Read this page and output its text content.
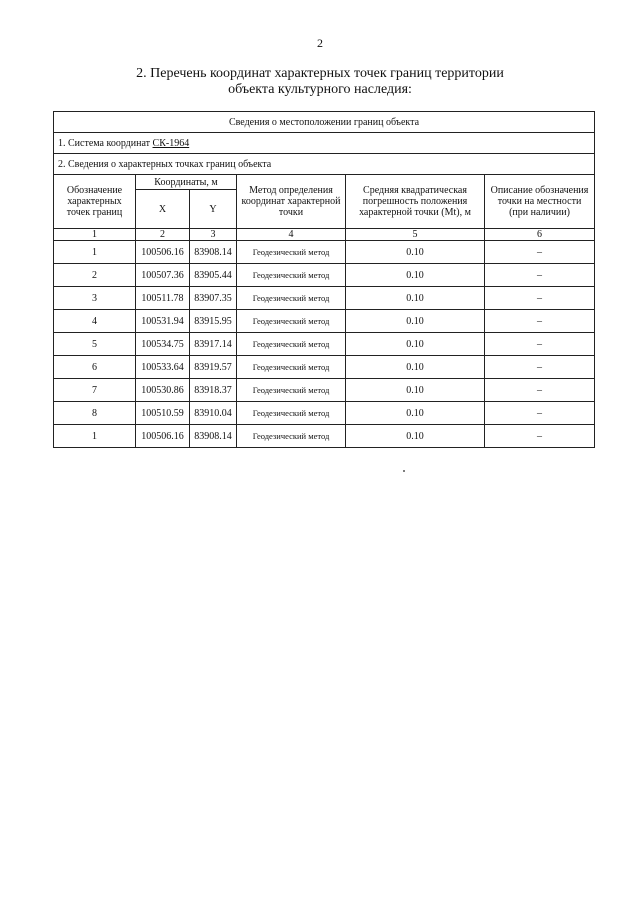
2
2. Перечень координат характерных точек границ территории
объекта культурного наследия:
Сведения о местоположении границ объекта					
1. Система координат СК-1964					
2. Сведения о характерных точках границ объекта					
Обозначение характерных точек границ	Координаты, м		Метод определения координат характерной точки	Средняя квадратическая погрешность положения характерной точки (Mt), м	Описание обозначения точки на местности (при наличии)
	X	Y			
1	2	3	4	5	6
1	100506.16	83908.14	Геодезический метод	0.10	–
2	100507.36	83905.44	Геодезический метод	0.10	–
3	100511.78	83907.35	Геодезический метод	0.10	–
4	100531.94	83915.95	Геодезический метод	0.10	–
5	100534.75	83917.14	Геодезический метод	0.10	–
6	100533.64	83919.57	Геодезический метод	0.10	–
7	100530.86	83918.37	Геодезический метод	0.10	–
8	100510.59	83910.04	Геодезический метод	0.10	–
1	100506.16	83908.14	Геодезический метод	0.10	–
